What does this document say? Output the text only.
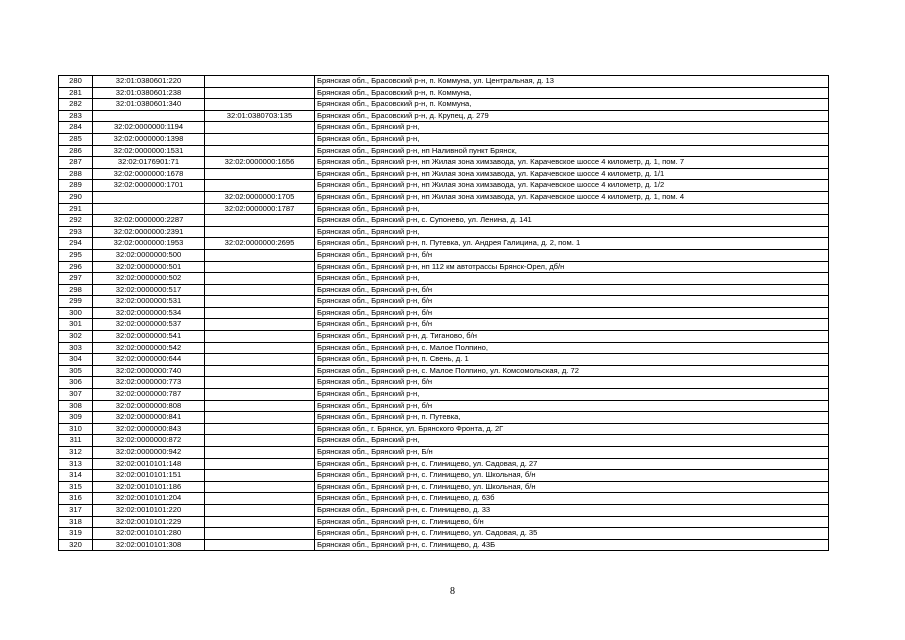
280	32:01:0380601:220		Брянская обл., Брасовский р-н, п. Коммуна, ул. Центральная, д. 13
281	32:01:0380601:238		Брянская обл., Брасовский р-н, п. Коммуна,
282	32:01:0380601:340		Брянская обл., Брасовский р-н, п. Коммуна,
283		32:01:0380703:135	Брянская обл., Брасовский р-н, д. Крупец, д. 279
284	32:02:0000000:1194		Брянская обл., Брянский р-н,
285	32:02:0000000:1398		Брянская обл., Брянский р-н,
286	32:02:0000000:1531		Брянская обл., Брянский р-н, нп Наливной пункт Брянск,
287	32:02:0176901:71	32:02:0000000:1656	Брянская обл., Брянский р-н, нп Жилая зона химзавода, ул. Карачевское шоссе 4 километр, д. 1, пом. 7
288	32:02:0000000:1678		Брянская обл., Брянский р-н, нп Жилая зона химзавода, ул. Карачевское шоссе 4 километр, д. 1/1
289	32:02:0000000:1701		Брянская обл., Брянский р-н, нп Жилая зона химзавода, ул. Карачевское шоссе 4 километр, д. 1/2
290		32:02:0000000:1705	Брянская обл., Брянский р-н, нп Жилая зона химзавода, ул. Карачевское шоссе 4 километр, д. 1, пом. 4
291		32:02:0000000:1787	Брянская обл., Брянский р-н,
292	32:02:0000000:2287		Брянская обл., Брянский р-н, с. Супонево, ул. Ленина, д. 141
293	32:02:0000000:2391		Брянская обл., Брянский р-н,
294	32:02:0000000:1953	32:02:0000000:2695	Брянская обл., Брянский р-н, п. Путевка, ул. Андрея Галицина, д. 2, пом. 1
295	32:02:0000000:500		Брянская обл., Брянский р-н, б/н
296	32:02:0000000:501		Брянская обл., Брянский р-н, нп 112 км автотрассы Брянск-Орел, дб/н
297	32:02:0000000:502		Брянская обл., Брянский р-н,
298	32:02:0000000:517		Брянская обл., Брянский р-н, б/н
299	32:02:0000000:531		Брянская обл., Брянский р-н, б/н
300	32:02:0000000:534		Брянская обл., Брянский р-н, б/н
301	32:02:0000000:537		Брянская обл., Брянский р-н, б/н
302	32:02:0000000:541		Брянская обл., Брянский р-н, д. Тиганово, б/н
303	32:02:0000000:542		Брянская обл., Брянский р-н, с. Малое Полпино,
304	32:02:0000000:644		Брянская обл., Брянский р-н, п. Свень, д. 1
305	32:02:0000000:740		Брянская обл., Брянский р-н, с. Малое Полпино, ул. Комсомольская, д. 72
306	32:02:0000000:773		Брянская обл., Брянский р-н, б/н
307	32:02:0000000:787		Брянская обл., Брянский р-н,
308	32:02:0000000:808		Брянская обл., Брянский р-н, б/н
309	32:02:0000000:841		Брянская обл., Брянский р-н, п. Путевка,
310	32:02:0000000:843		Брянская обл., г. Брянск, ул. Брянского Фронта, д. 2Г
311	32:02:0000000:872		Брянская обл., Брянский р-н,
312	32:02:0000000:942		Брянская обл., Брянский р-н, Б/н
313	32:02:0010101:148		Брянская обл., Брянский р-н, с. Глинищево, ул. Садовая, д. 27
314	32:02:0010101:151		Брянская обл., Брянский р-н, с. Глинищево, ул. Школьная, б/н
315	32:02:0010101:186		Брянская обл., Брянский р-н, с. Глинищево, ул. Школьная, б/н
316	32:02:0010101:204		Брянская обл., Брянский р-н, с. Глинищево, д. 63б
317	32:02:0010101:220		Брянская обл., Брянский р-н, с. Глинищево, д. 33
318	32:02:0010101:229		Брянская обл., Брянский р-н, с. Глинищево, б/н
319	32:02:0010101:280		Брянская обл., Брянский р-н, с. Глинищево, ул. Садовая, д. 35
320	32:02:0010101:308		Брянская обл., Брянский р-н, с. Глинищево, д. 43Б
8
